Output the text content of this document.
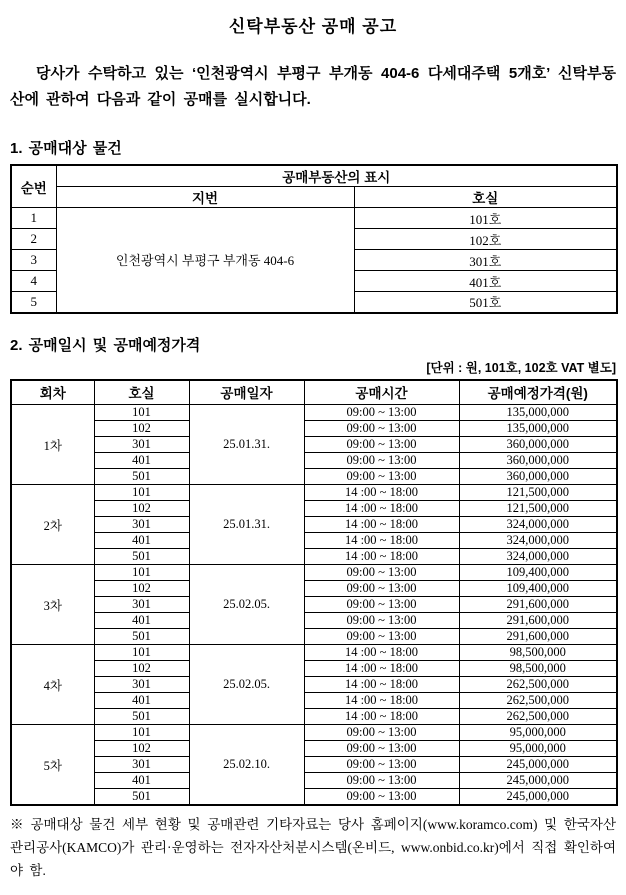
신탁부동산 공매 공고

당사가 수탁하고 있는 ‘인천광역시 부평구 부개동 404-6 다세대주택 5개호’ 신탁부동산에 관하여 다음과 같이 공매를 실시합니다.

1. 공매대상 물건
순번	공매부동산의 표시	
	지번	호실
1	인천광역시 부평구 부개동 404-6	101호
2		102호
3		301호
4		401호
5		501호
2. 공매일시 및 공매예정가격
[단위 : 원, 101호, 102호 VAT 별도]
회차	호실	공매일자	공매시간	공매예정가격(원)
1차	101	25.01.31.	09:00 ~ 13:00	135,000,000
	102		09:00 ~ 13:00	135,000,000
	301		09:00 ~ 13:00	360,000,000
	401		09:00 ~ 13:00	360,000,000
	501		09:00 ~ 13:00	360,000,000
2차	101	25.01.31.	14 :00 ~ 18:00	121,500,000
	102		14 :00 ~ 18:00	121,500,000
	301		14 :00 ~ 18:00	324,000,000
	401		14 :00 ~ 18:00	324,000,000
	501		14 :00 ~ 18:00	324,000,000
3차	101	25.02.05.	09:00 ~ 13:00	109,400,000
	102		09:00 ~ 13:00	109,400,000
	301		09:00 ~ 13:00	291,600,000
	401		09:00 ~ 13:00	291,600,000
	501		09:00 ~ 13:00	291,600,000
4차	101	25.02.05.	14 :00 ~ 18:00	98,500,000
	102		14 :00 ~ 18:00	98,500,000
	301		14 :00 ~ 18:00	262,500,000
	401		14 :00 ~ 18:00	262,500,000
	501		14 :00 ~ 18:00	262,500,000
5차	101	25.02.10.	09:00 ~ 13:00	95,000,000
	102		09:00 ~ 13:00	95,000,000
	301		09:00 ~ 13:00	245,000,000
	401		09:00 ~ 13:00	245,000,000
	501		09:00 ~ 13:00	245,000,000

※ 공매대상 물건 세부 현황 및 공매관련 기타자료는 당사 홈페이지(www.koramco.com) 및 한국자산관리공사(KAMCO)가 관리·운영하는 전자자산처분시스템(온비드, www.onbid.co.kr)에서 직접 확인하여야 함.
